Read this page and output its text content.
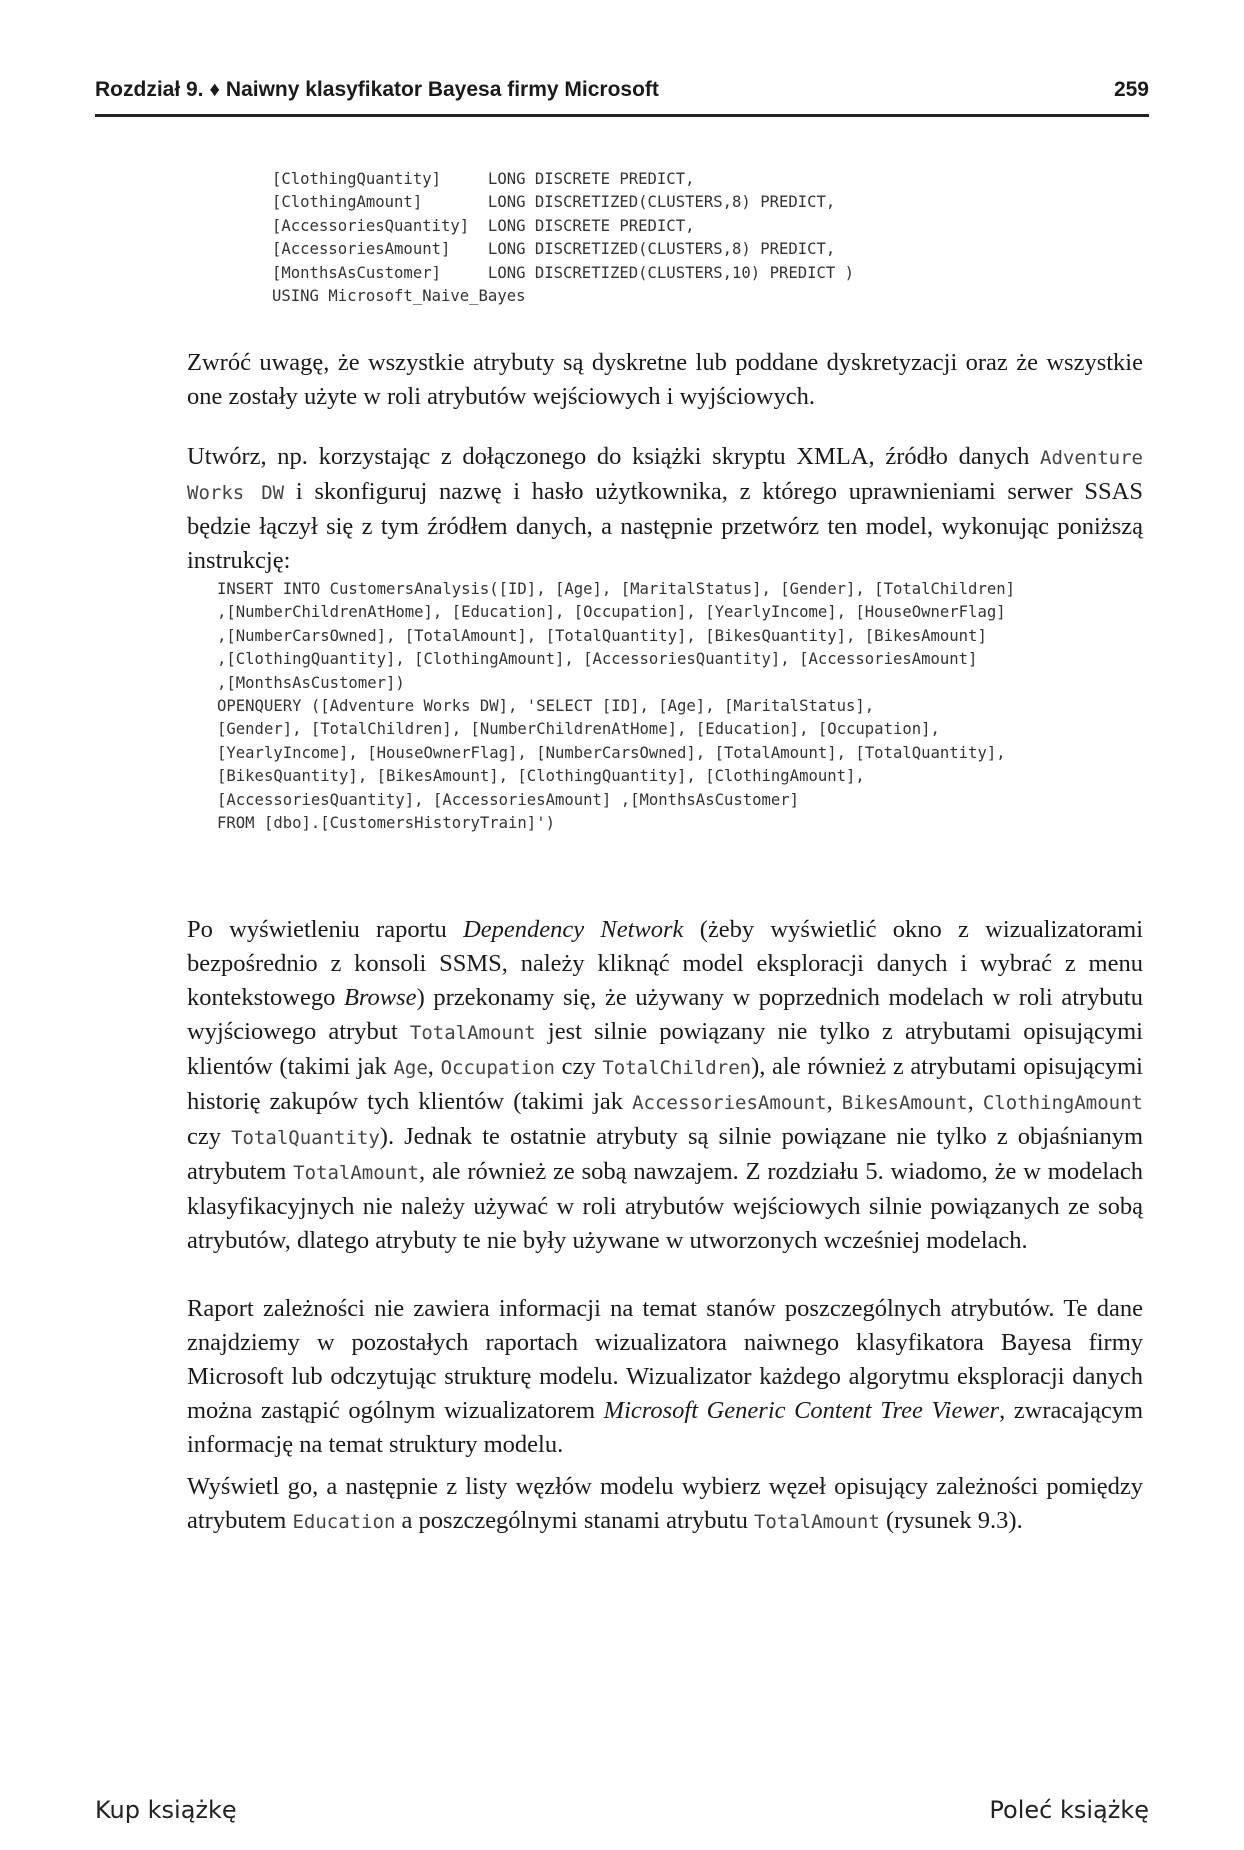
Rozdział 9. ♦ Naiwny klasyfikator Bayesa firmy Microsoft	259
[ClothingQuantity]     LONG DISCRETE PREDICT,
[ClothingAmount]       LONG DISCRETIZED(CLUSTERS,8) PREDICT,
[AccessoriesQuantity]  LONG DISCRETE PREDICT,
[AccessoriesAmount]    LONG DISCRETIZED(CLUSTERS,8) PREDICT,
[MonthsAsCustomer]     LONG DISCRETIZED(CLUSTERS,10) PREDICT )
USING Microsoft_Naive_Bayes

Zwróć uwagę, że wszystkie atrybuty są dyskretne lub poddane dyskretyzacji oraz że wszystkie one zostały użyte w roli atrybutów wejściowych i wyjściowych.

Utwórz, np. korzystając z dołączonego do książki skryptu XMLA, źródło danych Adventure Works DW i skonfiguruj nazwę i hasło użytkownika, z którego uprawnieniami serwer SSAS będzie łączył się z tym źródłem danych, a następnie przetwórz ten model, wykonując poniższą instrukcję:

INSERT INTO CustomersAnalysis([ID], [Age], [MaritalStatus], [Gender], [TotalChildren]
,[NumberChildrenAtHome], [Education], [Occupation], [YearlyIncome], [HouseOwnerFlag]
,[NumberCarsOwned], [TotalAmount], [TotalQuantity], [BikesQuantity], [BikesAmount]
,[ClothingQuantity], [ClothingAmount], [AccessoriesQuantity], [AccessoriesAmount]
,[MonthsAsCustomer])
OPENQUERY ([Adventure Works DW], 'SELECT [ID], [Age], [MaritalStatus],
[Gender], [TotalChildren], [NumberChildrenAtHome], [Education], [Occupation],
[YearlyIncome], [HouseOwnerFlag], [NumberCarsOwned], [TotalAmount], [TotalQuantity],
[BikesQuantity], [BikesAmount], [ClothingQuantity], [ClothingAmount],
[AccessoriesQuantity], [AccessoriesAmount] ,[MonthsAsCustomer]
FROM [dbo].[CustomersHistoryTrain]')

Po wyświetleniu raportu Dependency Network (żeby wyświetlić okno z wizualizatorami bezpośrednio z konsoli SSMS, należy kliknąć model eksploracji danych i wybrać z menu kontekstowego Browse) przekonamy się, że używany w poprzednich modelach w roli atrybutu wyjściowego atrybut TotalAmount jest silnie powiązany nie tylko z atrybutami opisującymi klientów (takimi jak Age, Occupation czy TotalChildren), ale również z atrybutami opisującymi historię zakupów tych klientów (takimi jak AccessoriesAmount, BikesAmount, ClothingAmount czy TotalQuantity). Jednak te ostatnie atrybuty są silnie powiązane nie tylko z objaśnianym atrybutem TotalAmount, ale również ze sobą nawzajem. Z rozdziału 5. wiadomo, że w modelach klasyfikacyjnych nie należy używać w roli atrybutów wejściowych silnie powiązanych ze sobą atrybutów, dlatego atrybuty te nie były używane w utworzonych wcześniej modelach.

Raport zależności nie zawiera informacji na temat stanów poszczególnych atrybutów. Te dane znajdziemy w pozostałych raportach wizualizatora naiwnego klasyfikatora Bayesa firmy Microsoft lub odczytując strukturę modelu. Wizualizator każdego algorytmu eksploracji danych można zastąpić ogólnym wizualizatorem Microsoft Generic Content Tree Viewer, zwracającym informację na temat struktury modelu.

Wyświetl go, a następnie z listy węzłów modelu wybierz węzeł opisujący zależności pomiędzy atrybutem Education a poszczególnymi stanami atrybutu TotalAmount (rysunek 9.3).

Kup książkę	Poleć książkę
